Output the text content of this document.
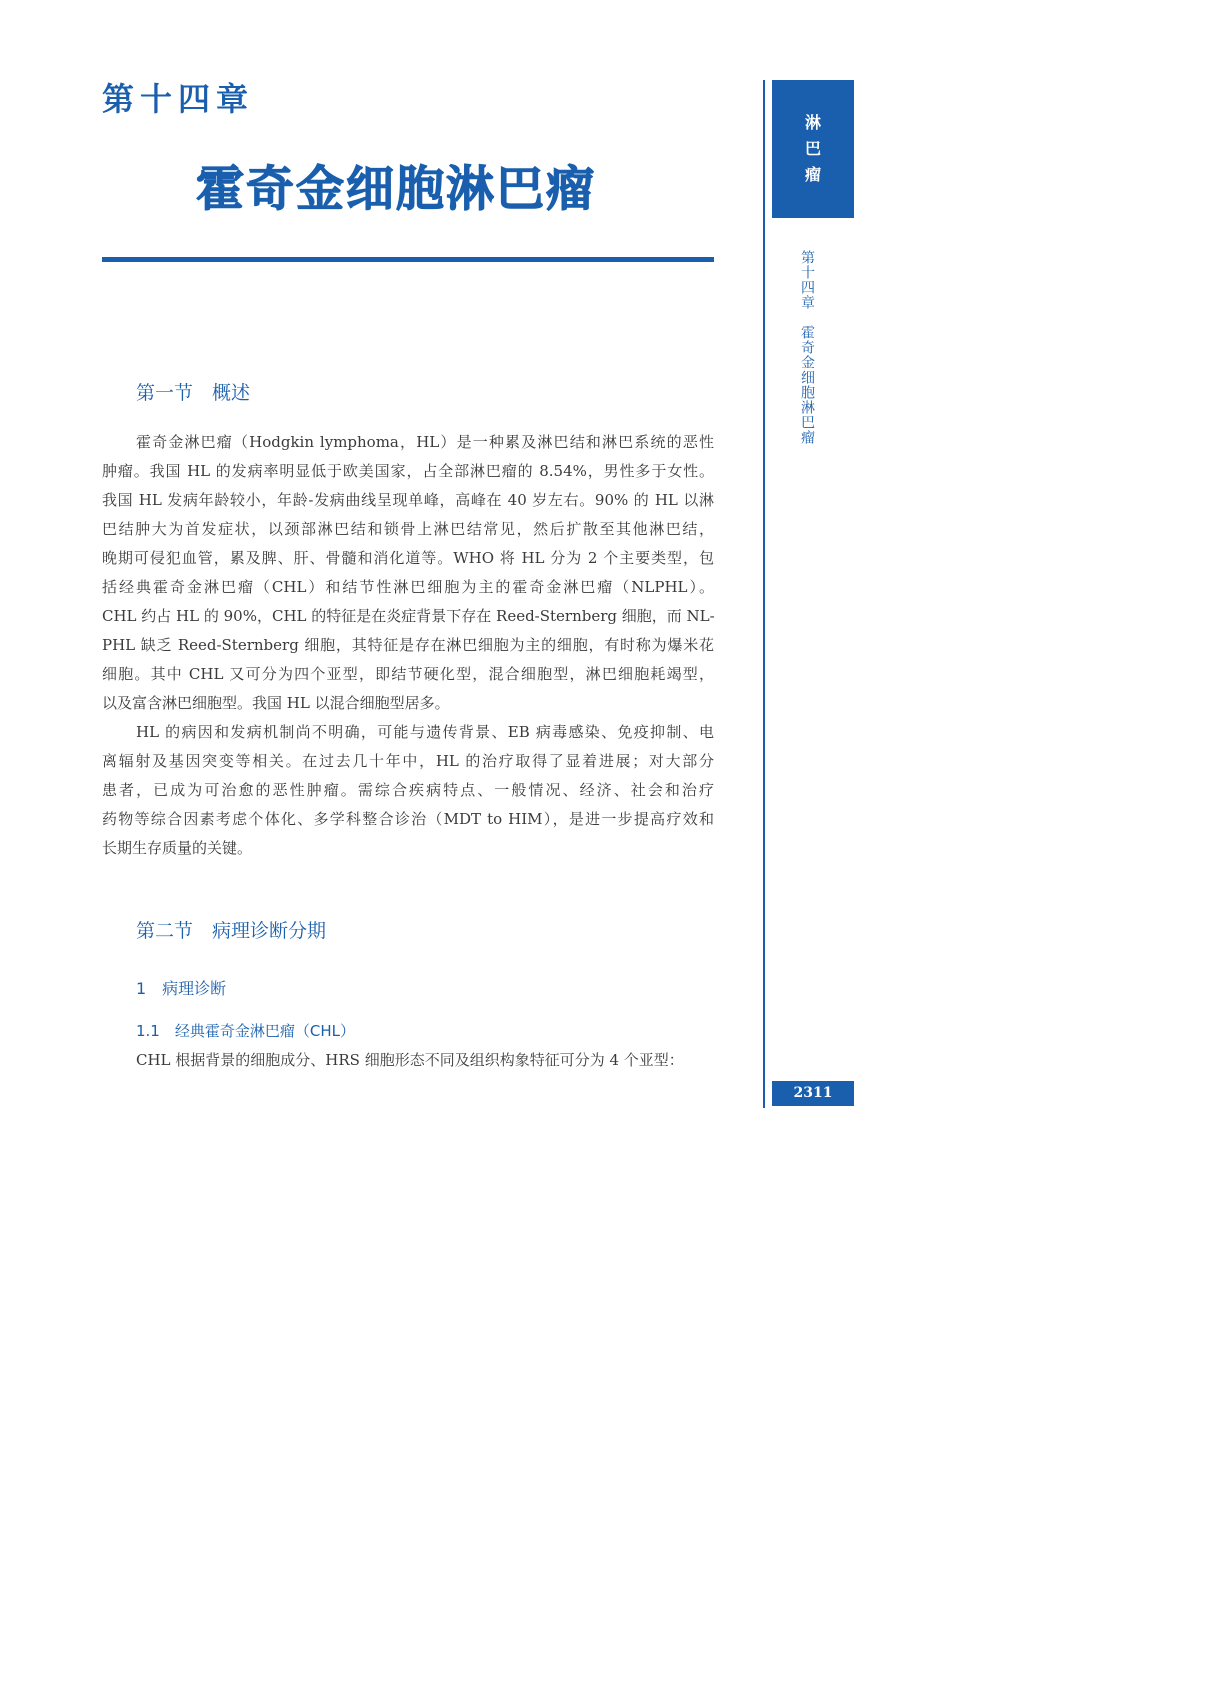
第十四章
霍奇金细胞淋巴瘤
第一节　概述
霍奇金淋巴瘤（Hodgkin lymphoma，HL）是一种累及淋巴结和淋巴系统的恶性
肿瘤。我国 HL 的发病率明显低于欧美国家，占全部淋巴瘤的 8.54%，男性多于女性。
我国 HL 发病年龄较小，年龄-发病曲线呈现单峰，高峰在 40 岁左右。90% 的 HL 以淋
巴结肿大为首发症状，以颈部淋巴结和锁骨上淋巴结常见，然后扩散至其他淋巴结，
晚期可侵犯血管，累及脾、肝、骨髓和消化道等。WHO 将 HL 分为 2 个主要类型，包
括经典霍奇金淋巴瘤（CHL）和结节性淋巴细胞为主的霍奇金淋巴瘤（NLPHL）。
CHL 约占 HL 的 90%，CHL 的特征是在炎症背景下存在 Reed-Sternberg 细胞，而 NL-
PHL 缺乏 Reed-Sternberg 细胞，其特征是存在淋巴细胞为主的细胞，有时称为爆米花
细胞。其中 CHL 又可分为四个亚型，即结节硬化型，混合细胞型，淋巴细胞耗竭型，
以及富含淋巴细胞型。我国 HL 以混合细胞型居多。
HL 的病因和发病机制尚不明确，可能与遗传背景、EB 病毒感染、免疫抑制、电
离辐射及基因突变等相关。在过去几十年中，HL 的治疗取得了显着进展；对大部分
患者，已成为可治愈的恶性肿瘤。需综合疾病特点、一般情况、经济、社会和治疗
药物等综合因素考虑个体化、多学科整合诊治（MDT to HIM），是进一步提高疗效和
长期生存质量的关键。
第二节　病理诊断分期
1　病理诊断
1.1　经典霍奇金淋巴瘤（CHL）
CHL 根据背景的细胞成分、HRS 细胞形态不同及组织构象特征可分为 4 个亚型：
淋
巴
瘤
第十四章　霍奇金细胞淋巴瘤
2311
